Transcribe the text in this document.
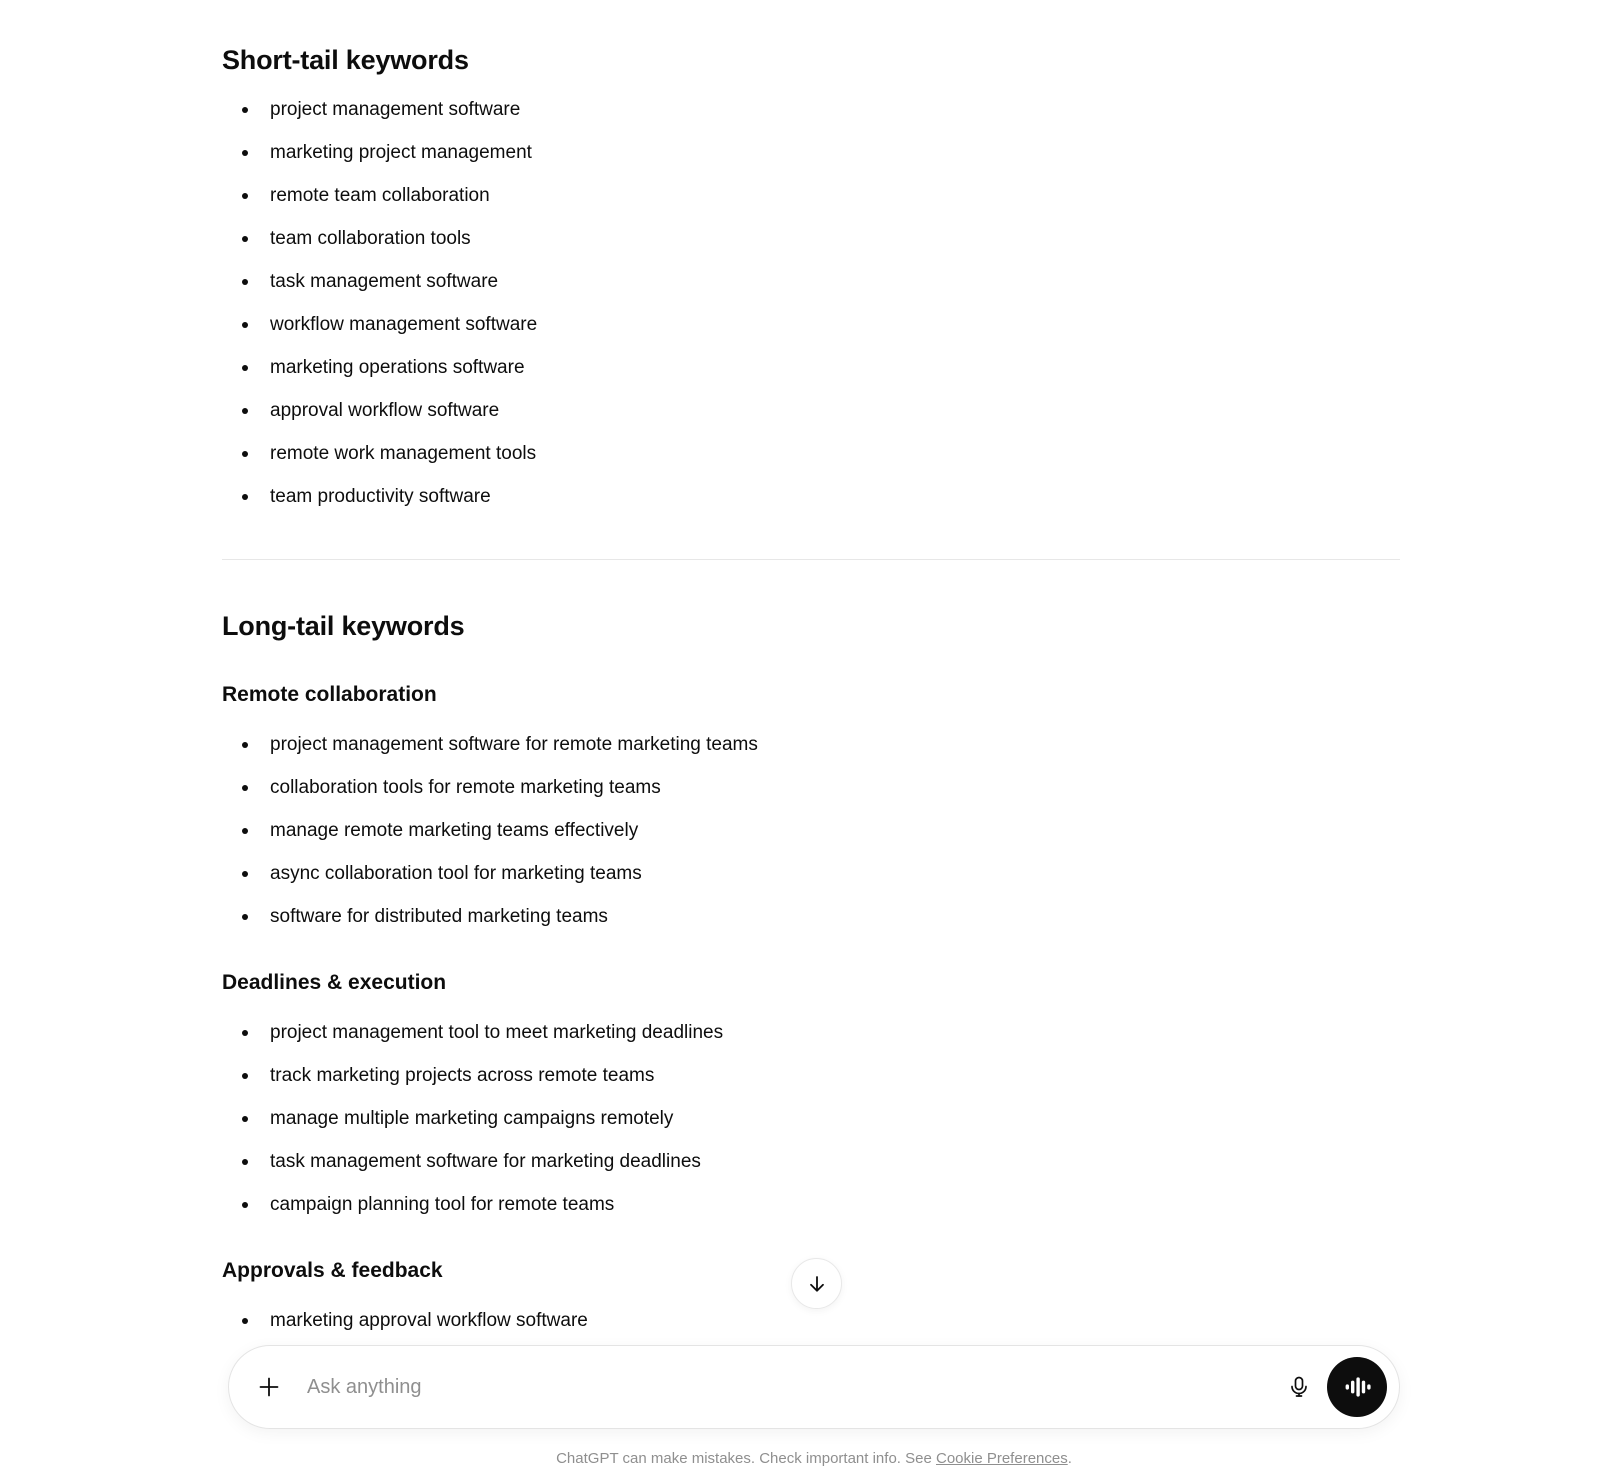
Short-tail keywords
project management software
marketing project management
remote team collaboration
team collaboration tools
task management software
workflow management software
marketing operations software
approval workflow software
remote work management tools
team productivity software
Long-tail keywords
Remote collaboration
project management software for remote marketing teams
collaboration tools for remote marketing teams
manage remote marketing teams effectively
async collaboration tool for marketing teams
software for distributed marketing teams
Deadlines & execution
project management tool to meet marketing deadlines
track marketing projects across remote teams
manage multiple marketing campaigns remotely
task management software for marketing deadlines
campaign planning tool for remote teams
Approvals & feedback
marketing approval workflow software
Ask anything
ChatGPT can make mistakes. Check important info. See Cookie Preferences.
